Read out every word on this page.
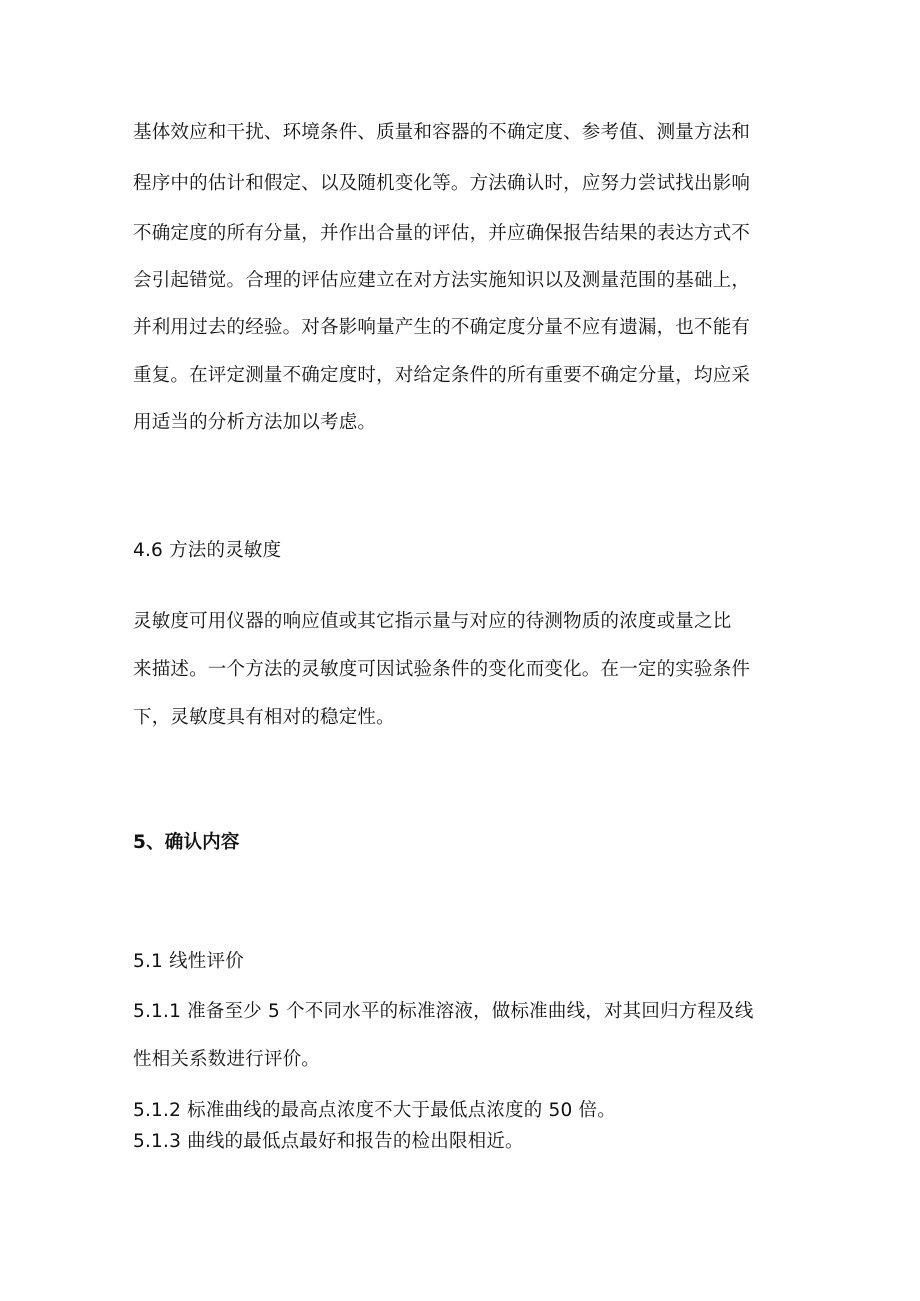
基体效应和干扰、环境条件、质量和容器的不确定度、参考值、测量方法和
程序中的估计和假定、以及随机变化等。方法确认时，应努力尝试找出影响
不确定度的所有分量，并作出合量的评估，并应确保报告结果的表达方式不
会引起错觉。合理的评估应建立在对方法实施知识以及测量范围的基础上，
并利用过去的经验。对各影响量产生的不确定度分量不应有遗漏，也不能有
重复。在评定测量不确定度时，对给定条件的所有重要不确定分量，均应采
用适当的分析方法加以考虑。
4.6 方法的灵敏度
灵敏度可用仪器的响应值或其它指示量与对应的待测物质的浓度或量之比
来描述。一个方法的灵敏度可因试验条件的变化而变化。在一定的实验条件
下，灵敏度具有相对的稳定性。
5、确认内容
5.1 线性评价
5.1.1 准备至少 5 个不同水平的标准溶液，做标准曲线，对其回归方程及线
性相关系数进行评价。
5.1.2 标准曲线的最高点浓度不大于最低点浓度的 50 倍。
5.1.3 曲线的最低点最好和报告的检出限相近。
